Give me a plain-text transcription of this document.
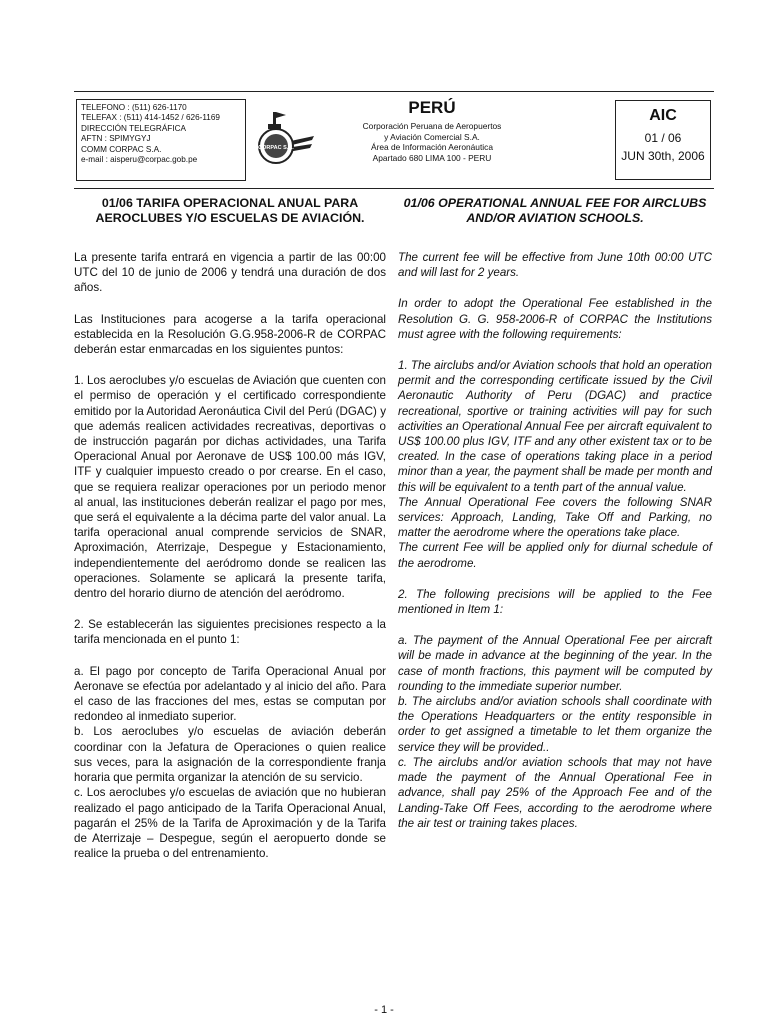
TELEFONO : (511) 626-1170
TELEFAX : (511) 414-1452 / 626-1169
DIRECCIÓN TELEGRÁFICA
AFTN : SPIMYGYJ
COMM CORPAC S.A.
e-mail : aisperu@corpac.gob.pe
CORPAC S.A.
PERÚ
Corporación Peruana de Aeropuertos
y Aviación Comercial S.A.
Área de Información Aeronáutica
Apartado 680 LIMA 100 - PERU
AIC
01 / 06
JUN 30th, 2006
01/06 TARIFA OPERACIONAL ANUAL PARA AEROCLUBES Y/O ESCUELAS DE AVIACIÓN.

La presente tarifa entrará en vigencia a partir de las 00:00 UTC del 10 de junio de 2006 y tendrá una duración de dos años.

Las Instituciones para acogerse a la tarifa operacional establecida en la Resolución G.G.958-2006-R de CORPAC deberán estar enmarcadas en los siguientes puntos:

1. Los aeroclubes y/o escuelas de Aviación que cuenten con el permiso de operación y el certificado correspondiente emitido por la Autoridad Aeronáutica Civil del Perú (DGAC) y que además realicen actividades recreativas, deportivas o de instrucción pagarán por dichas actividades, una Tarifa Operacional Anual por Aeronave de US$ 100.00 más IGV, ITF y cualquier impuesto creado o por crearse. En el caso, que se requiera realizar operaciones por un periodo menor al anual, las instituciones deberán realizar el pago por mes, que será el equivalente a la décima parte del valor anual. La tarifa operacional anual comprende servicios de SNAR, Aproximación, Aterrizaje, Despegue y Estacionamiento, independientemente del aeródromo donde se realicen las operaciones. Solamente se aplicará la presente tarifa, dentro del horario diurno de atención del aeródromo.

2. Se establecerán las siguientes precisiones respecto a la tarifa mencionada en el punto 1:

a. El pago por concepto de Tarifa Operacional Anual por Aeronave se efectúa por adelantado y al inicio del año. Para el caso de las fracciones del mes, estas se computan por redondeo al inmediato superior.
b. Los aeroclubes y/o escuelas de aviación deberán coordinar con la Jefatura de Operaciones o quien realice sus veces, para la asignación de la correspondiente franja horaria que permita organizar la atención de su servicio.
c. Los aeroclubes y/o escuelas de aviación que no hubieran realizado el pago anticipado de la Tarifa Operacional Anual, pagarán el 25% de la Tarifa de Aproximación y de la Tarifa de Aterrizaje – Despegue, según el aeropuerto donde se realice la prueba o del entrenamiento.

01/06 OPERATIONAL ANNUAL FEE FOR AIRCLUBS AND/OR AVIATION SCHOOLS.

The current fee will be effective from June 10th 00:00 UTC and will last for 2 years.

In order to adopt the Operational Fee established in the Resolution G. G. 958-2006-R of CORPAC the Institutions must agree with the following requirements:

1. The airclubs and/or Aviation schools that hold an operation permit and the corresponding certificate issued by the Civil Aeronautic Authority of Peru (DGAC) and practice recreational, sportive or training activities will pay for such activities an Operational Annual Fee per aircraft equivalent to US$ 100.00 plus IGV, ITF and any other existent tax or to be created. In the case of operations taking place in a period minor than a year, the payment shall be made per month and this will be equivalent to a tenth part of the annual value.
The Annual Operational Fee covers the following SNAR services: Approach, Landing, Take Off and Parking, no matter the aerodrome where the operations take place.
The current Fee will be applied only for diurnal schedule of the aerodrome.

2. The following precisions will be applied to the Fee mentioned in Item 1:

a. The payment of the Annual Operational Fee per aircraft will be made in advance at the beginning of the year. In the case of month fractions, this payment will be computed by rounding to the immediate superior number.
b. The airclubs and/or aviation schools shall coordinate with the Operations Headquarters or the entity responsible in order to get assigned a timetable to let them organize the service they will be provided..
c. The airclubs and/or aviation schools that may not have made the payment of the Annual Operational Fee in advance, shall pay 25% of the Approach Fee and of the Landing-Take Off Fees, according to the aerodrome where the air test or training takes places.

- 1 -
